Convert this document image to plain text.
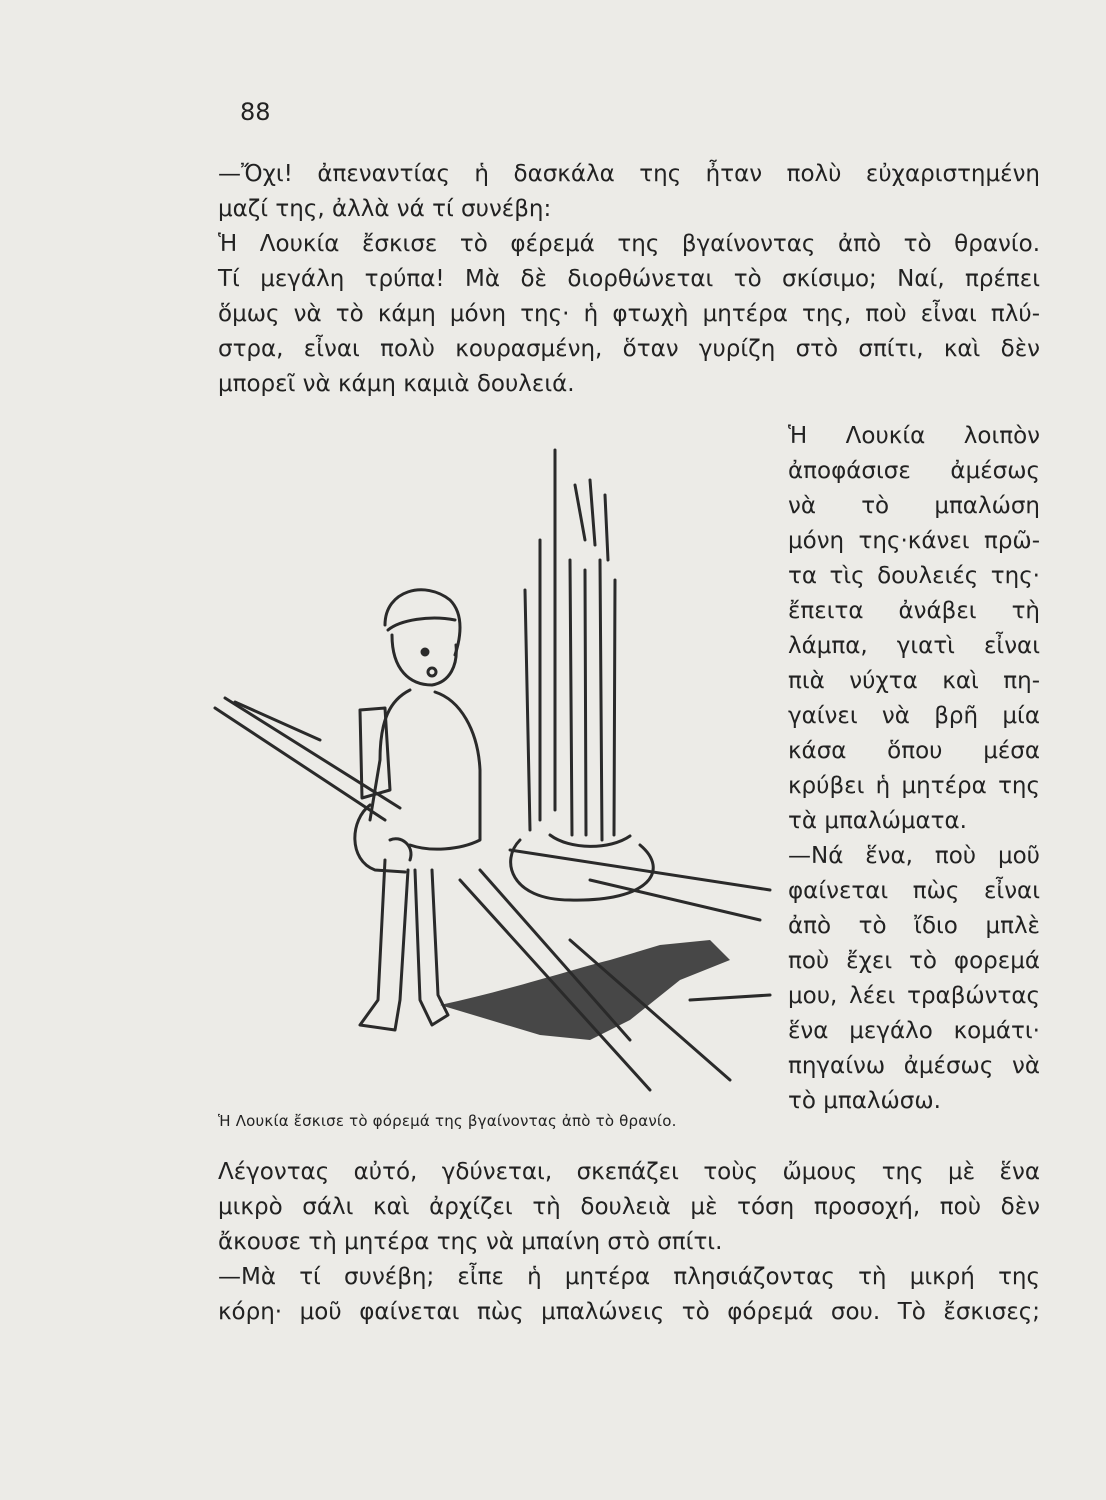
88
—Ὄχι! ἀπεναντίας ἡ δασκάλα της ἦταν πολὺ εὐχαριστημένη
μαζί της, ἀλλὰ νά τί συνέβη:
Ἡ Λουκία ἔσκισε τὸ φέρεμά της βγαίνοντας ἀπὸ τὸ θρανίο.
Τί μεγάλη τρύπα! Μὰ δὲ διορθώνεται τὸ σκίσιμο; Ναί, πρέπει
ὅμως νὰ τὸ κάμη μόνη της· ἡ φτωχὴ μητέρα της, ποὺ εἶναι πλύ-
στρα, εἶναι πολὺ κουρασμένη, ὅταν γυρίζη στὸ σπίτι, καὶ δὲν
μπορεῖ νὰ κάμη καμιὰ δουλειά.
Ἡ Λουκία λοιπὸν
ἀποφάσισε ἀμέσως
νὰ τὸ μπαλώση
μόνη της·κάνει πρῶ-
τα τὶς δουλειές της·
ἔπειτα ἀνάβει τὴ
λάμπα, γιατὶ εἶναι
πιὰ νύχτα καὶ πη-
γαίνει νὰ βρῆ μία
κάσα ὅπου μέσα
κρύβει ἡ μητέρα της
τὰ μπαλώματα.
—Νά ἕνα, ποὺ μοῦ
φαίνεται πὼς εἶναι
ἀπὸ τὸ ἴδιο μπλὲ
ποὺ ἔχει τὸ φορεμά
μου, λέει τραβώντας
ἕνα μεγάλο κομάτι·
πηγαίνω ἀμέσως νὰ
τὸ μπαλώσω.
Ἡ Λουκία ἔσκισε τὸ φόρεμά της βγαίνοντας ἀπὸ τὸ θρανίο.
Λέγοντας αὐτό, γδύνεται, σκεπάζει τοὺς ὤμους της μὲ ἕνα
μικρὸ σάλι καὶ ἀρχίζει τὴ δουλειὰ μὲ τόση προσοχή, ποὺ δὲν
ἄκουσε τὴ μητέρα της νὰ μπαίνη στὸ σπίτι.
—Μὰ τί συνέβη; εἶπε ἡ μητέρα πλησιάζοντας τὴ μικρή της
κόρη· μοῦ φαίνεται πὼς μπαλώνεις τὸ φόρεμά σου. Τὸ ἔσκισες;
